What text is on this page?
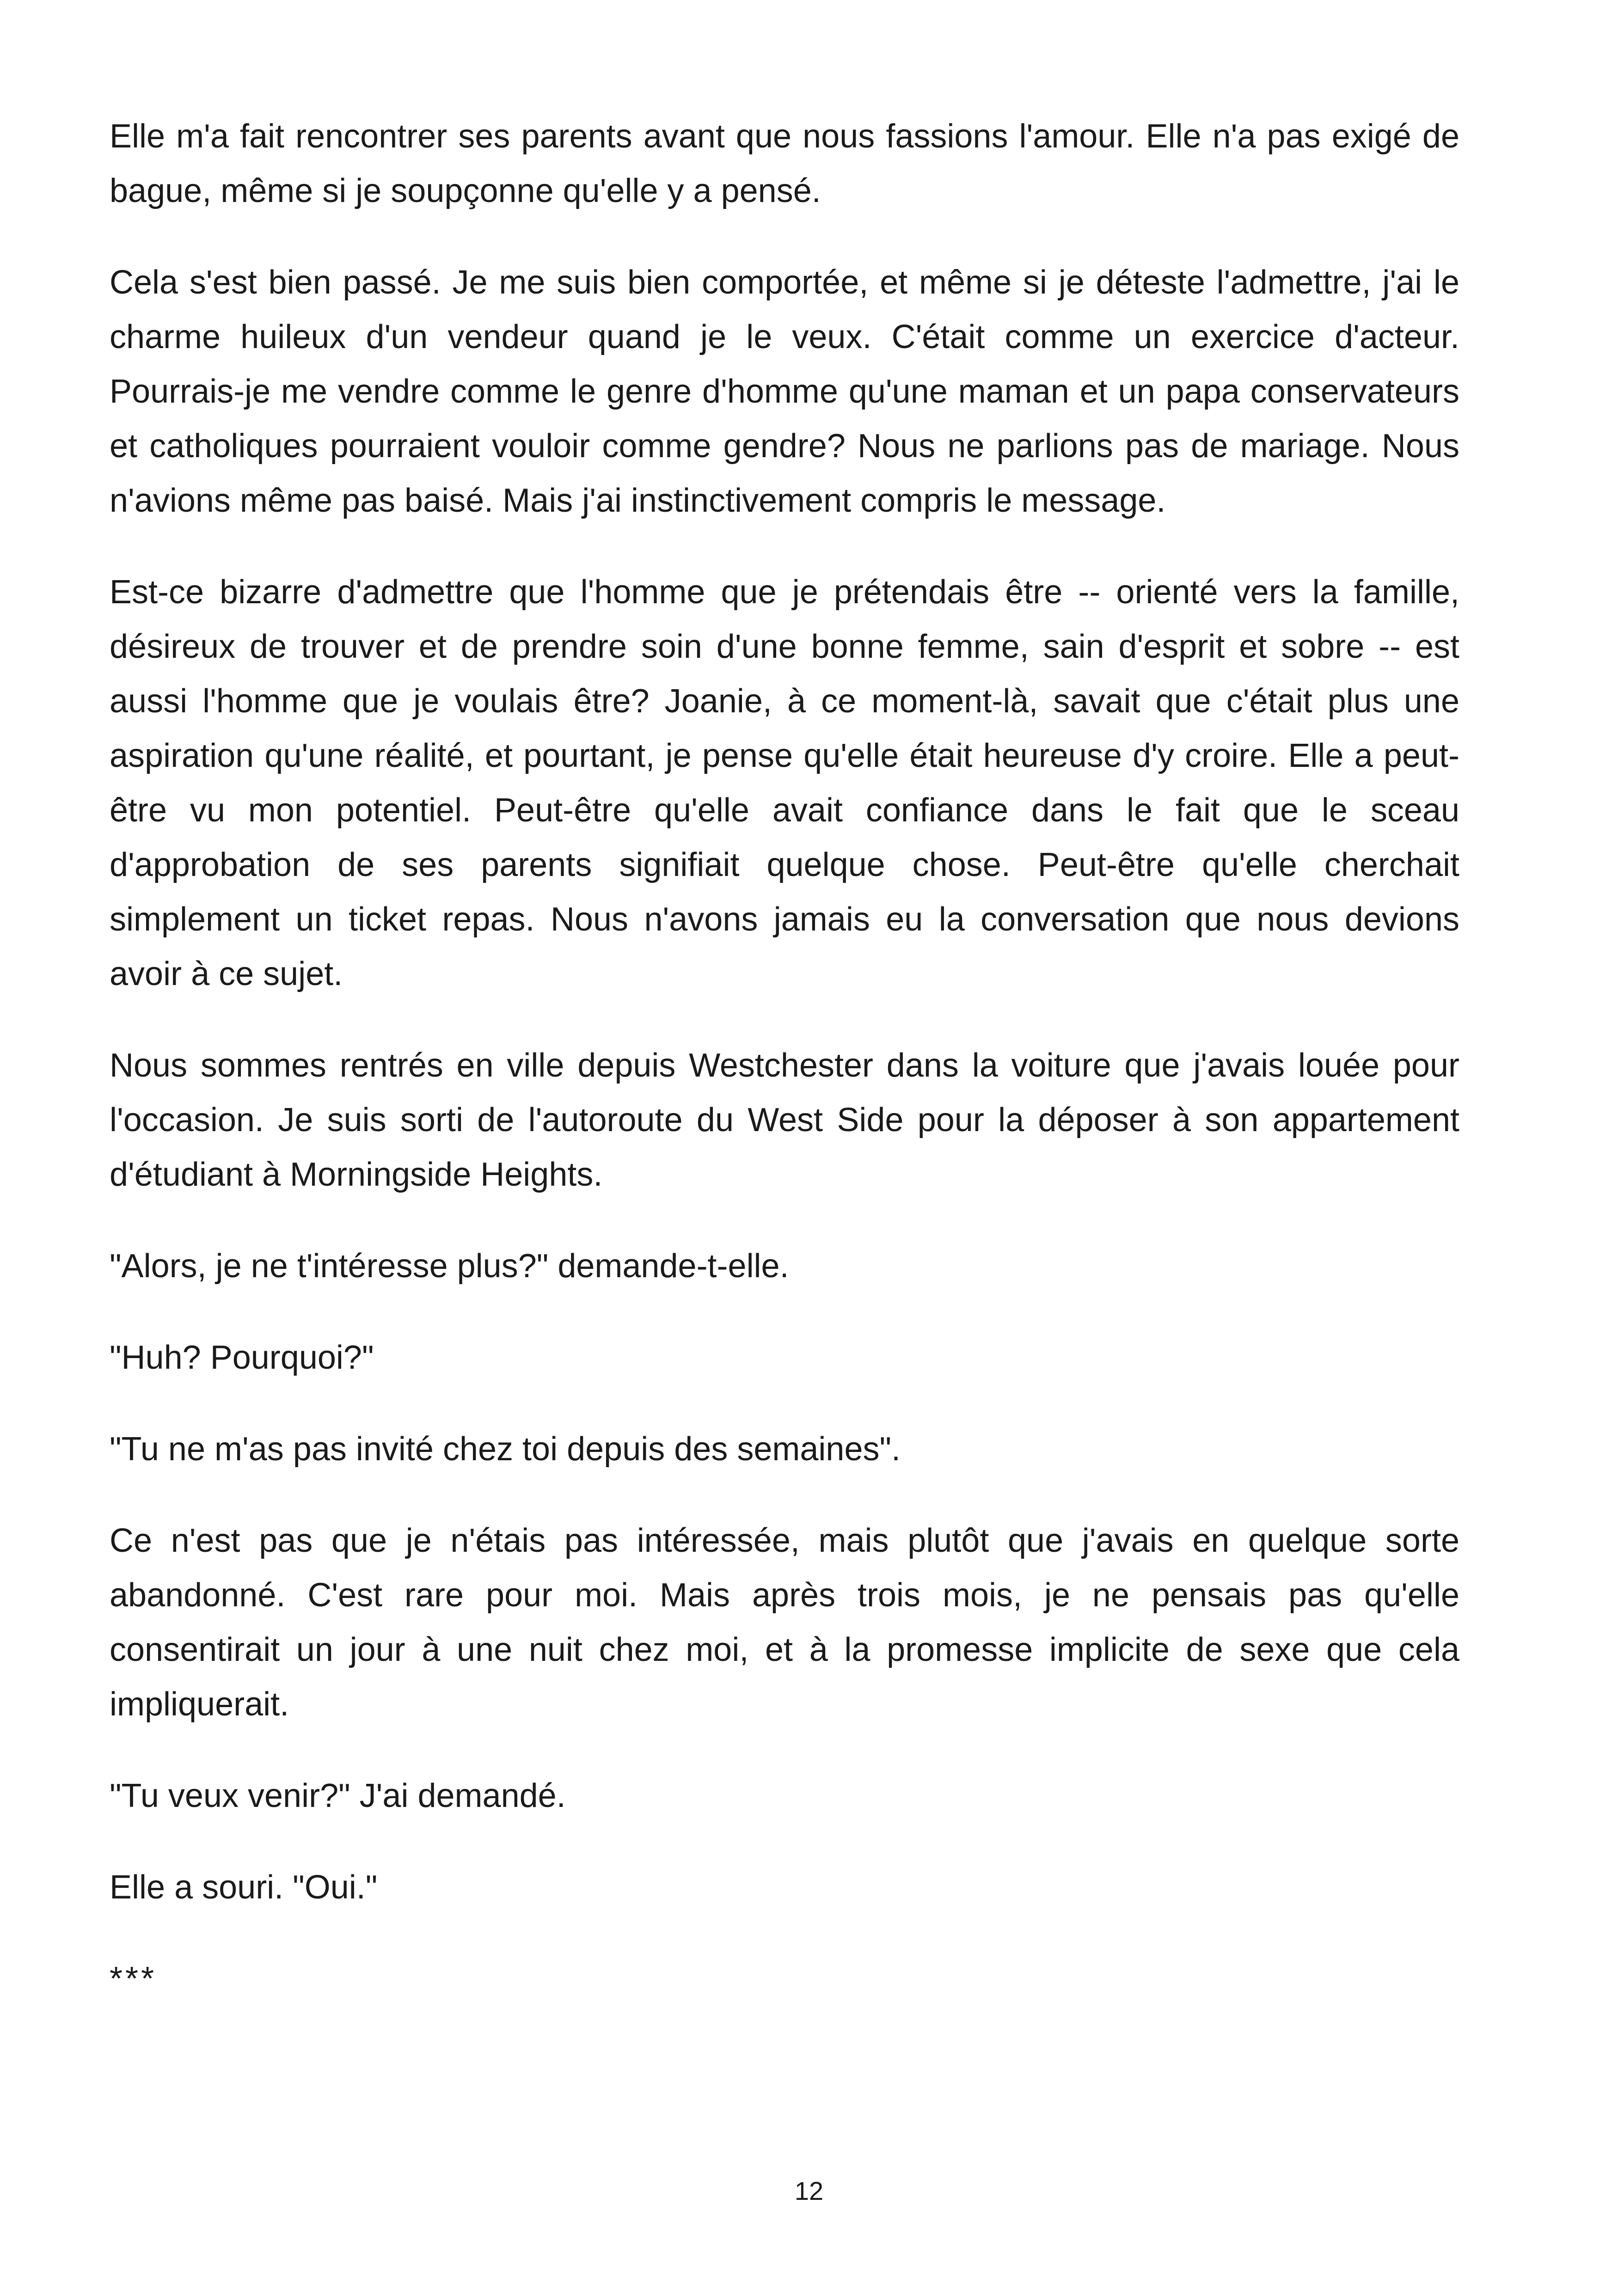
Elle m'a fait rencontrer ses parents avant que nous fassions l'amour. Elle n'a pas exigé de bague, même si je soupçonne qu'elle y a pensé.

Cela s'est bien passé. Je me suis bien comportée, et même si je déteste l'admettre, j'ai le charme huileux d'un vendeur quand je le veux. C'était comme un exercice d'acteur. Pourrais-je me vendre comme le genre d'homme qu'une maman et un papa conservateurs et catholiques pourraient vouloir comme gendre? Nous ne parlions pas de mariage. Nous n'avions même pas baisé. Mais j'ai instinctivement compris le message.

Est-ce bizarre d'admettre que l'homme que je prétendais être -- orienté vers la famille, désireux de trouver et de prendre soin d'une bonne femme, sain d'esprit et sobre -- est aussi l'homme que je voulais être? Joanie, à ce moment-là, savait que c'était plus une aspiration qu'une réalité, et pourtant, je pense qu'elle était heureuse d'y croire. Elle a peut-être vu mon potentiel. Peut-être qu'elle avait confiance dans le fait que le sceau d'approbation de ses parents signifiait quelque chose. Peut-être qu'elle cherchait simplement un ticket repas. Nous n'avons jamais eu la conversation que nous devions avoir à ce sujet.

Nous sommes rentrés en ville depuis Westchester dans la voiture que j'avais louée pour l'occasion. Je suis sorti de l'autoroute du West Side pour la déposer à son appartement d'étudiant à Morningside Heights.

"Alors, je ne t'intéresse plus?" demande-t-elle.

"Huh? Pourquoi?"

"Tu ne m'as pas invité chez toi depuis des semaines".

Ce n'est pas que je n'étais pas intéressée, mais plutôt que j'avais en quelque sorte abandonné. C'est rare pour moi. Mais après trois mois, je ne pensais pas qu'elle consentirait un jour à une nuit chez moi, et à la promesse implicite de sexe que cela impliquerait.

"Tu veux venir?" J'ai demandé.

Elle a souri. "Oui."

***

12
